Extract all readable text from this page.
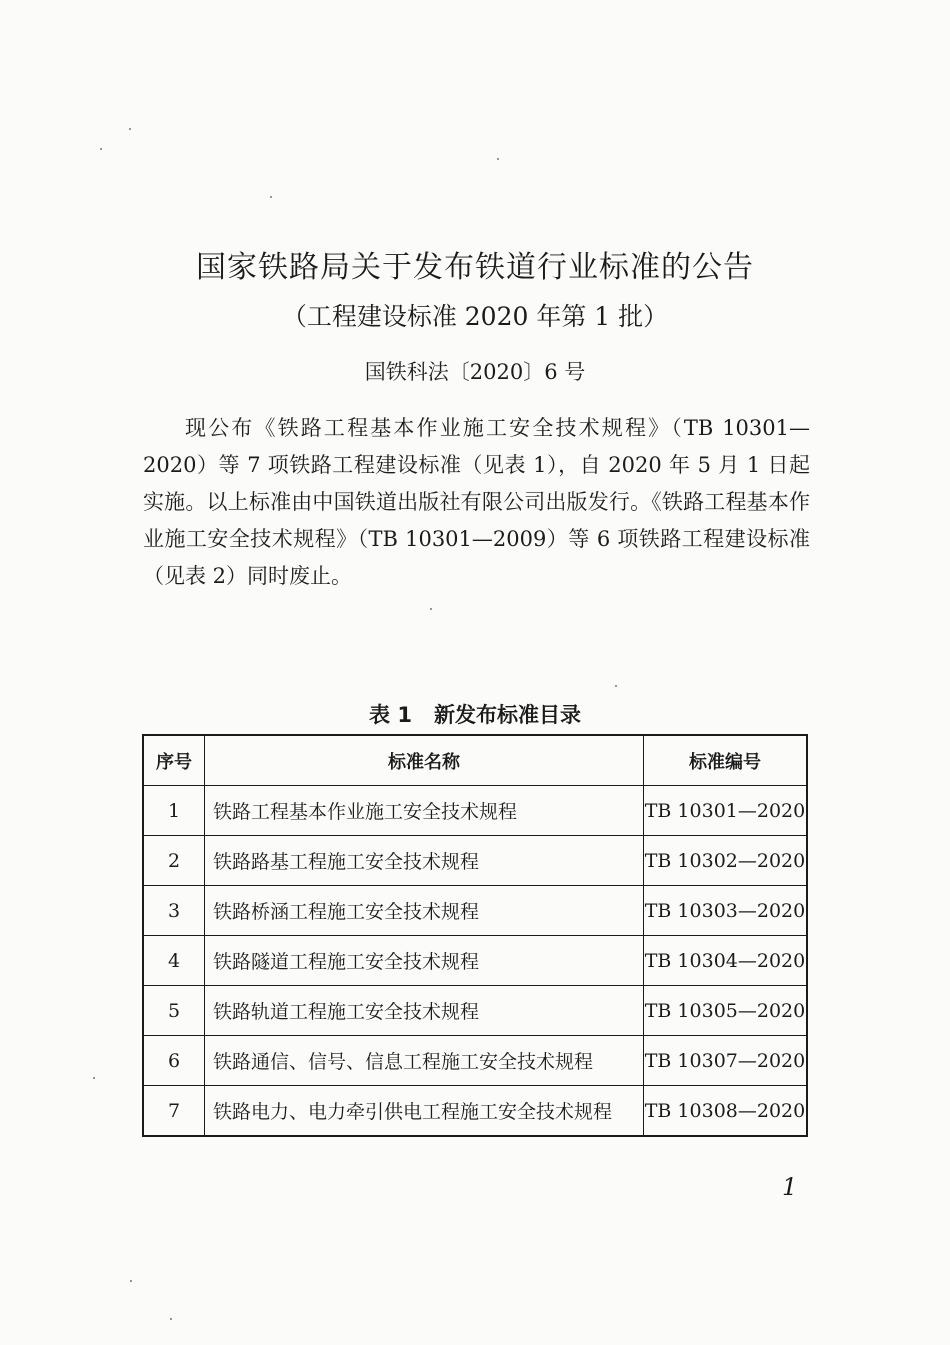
国家铁路局关于发布铁道行业标准的公告
（工程建设标准 2020 年第 1 批）
国铁科法〔2020〕6 号

现公布《铁路工程基本作业施工安全技术规程》（TB 10301—2020）等 7 项铁路工程建设标准（见表 1），自 2020 年 5 月 1 日起实施。以上标准由中国铁道出版社有限公司出版发行。《铁路工程基本作业施工安全技术规程》（TB 10301—2009）等 6 项铁路工程建设标准（见表 2）同时废止。

表 1 新发布标准目录
序号	标准名称	标准编号
1	铁路工程基本作业施工安全技术规程	TB 10301—2020
2	铁路路基工程施工安全技术规程	TB 10302—2020
3	铁路桥涵工程施工安全技术规程	TB 10303—2020
4	铁路隧道工程施工安全技术规程	TB 10304—2020
5	铁路轨道工程施工安全技术规程	TB 10305—2020
6	铁路通信、信号、信息工程施工安全技术规程	TB 10307—2020
7	铁路电力、电力牵引供电工程施工安全技术规程	TB 10308—2020
1
